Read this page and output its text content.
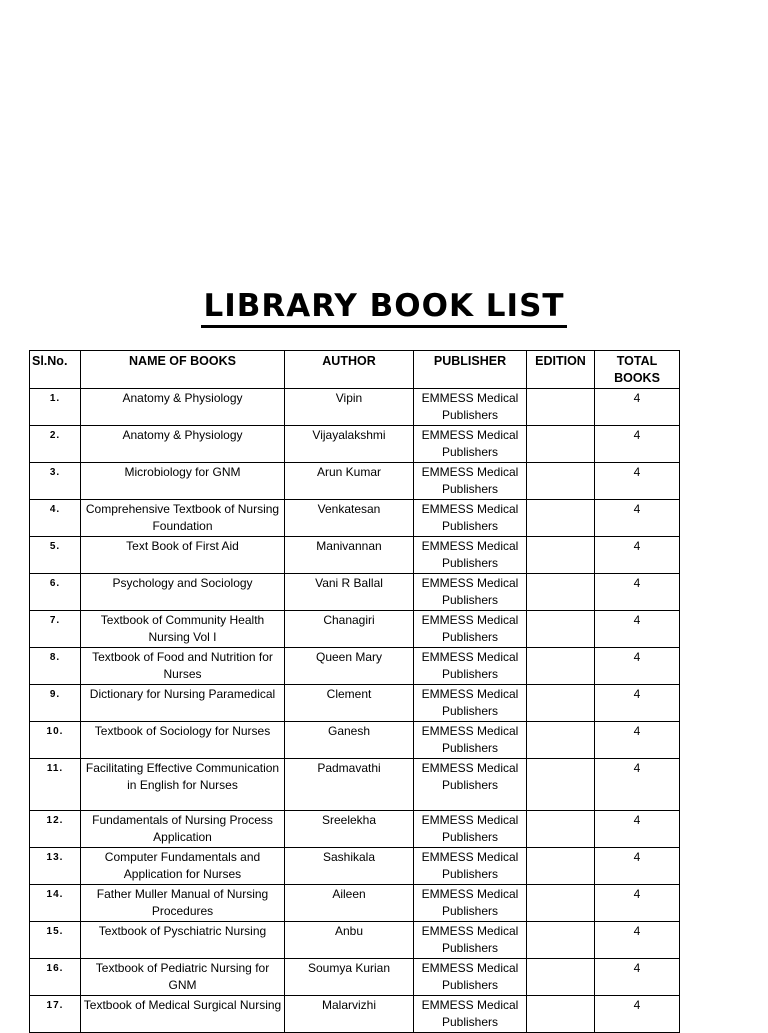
LIBRARY BOOK LIST
Sl.No.	NAME OF BOOKS	AUTHOR	PUBLISHER	EDITION	TOTAL BOOKS
1.	Anatomy & Physiology	Vipin	EMMESS Medical Publishers		4
2.	Anatomy & Physiology	Vijayalakshmi	EMMESS Medical Publishers		4
3.	Microbiology for GNM	Arun Kumar	EMMESS Medical Publishers		4
4.	Comprehensive Textbook of Nursing Foundation	Venkatesan	EMMESS Medical Publishers		4
5.	Text Book of First Aid	Manivannan	EMMESS Medical Publishers		4
6.	Psychology and Sociology	Vani R Ballal	EMMESS Medical Publishers		4
7.	Textbook of Community Health Nursing Vol I	Chanagiri	EMMESS Medical Publishers		4
8.	Textbook of Food and Nutrition for Nurses	Queen Mary	EMMESS Medical Publishers		4
9.	Dictionary for Nursing Paramedical	Clement	EMMESS Medical Publishers		4
10.	Textbook of Sociology for Nurses	Ganesh	EMMESS Medical Publishers		4
11.	Facilitating Effective Communication in English for Nurses	Padmavathi	EMMESS Medical Publishers		4
12.	Fundamentals of Nursing Process Application	Sreelekha	EMMESS Medical Publishers		4
13.	Computer Fundamentals and Application for Nurses	Sashikala	EMMESS Medical Publishers		4
14.	Father Muller Manual of Nursing Procedures	Aileen	EMMESS Medical Publishers		4
15.	Textbook of Pyschiatric Nursing	Anbu	EMMESS Medical Publishers		4
16.	Textbook of Pediatric Nursing for GNM	Soumya Kurian	EMMESS Medical Publishers		4
17.	Textbook of Medical Surgical Nursing	Malarvizhi	EMMESS Medical Publishers		4
